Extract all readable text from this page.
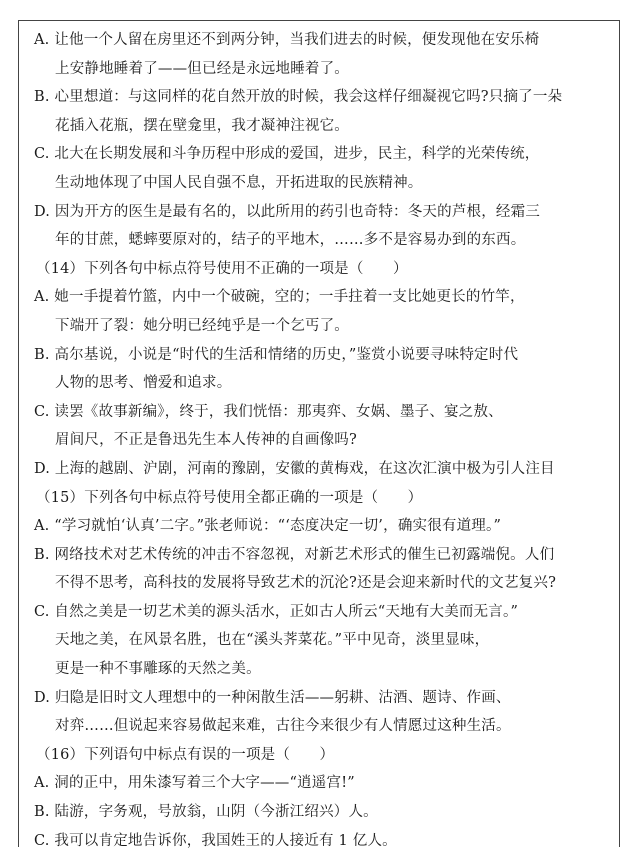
A. 让他一个人留在房里还不到两分钟，当我们进去的时候，便发现他在安乐椅
上安静地睡着了——但已经是永远地睡着了。
B. 心里想道：与这同样的花自然开放的时候，我会这样仔细凝视它吗?只摘了一朵
花插入花瓶，摆在壁龛里，我才凝神注视它。
C. 北大在长期发展和斗争历程中形成的爱国，进步，民主，科学的光荣传统，
生动地体现了中国人民自强不息，开拓进取的民族精神。
D. 因为开方的医生是最有名的，以此所用的药引也奇特：冬天的芦根，经霜三
年的甘蔗，蟋蟀要原对的，结子的平地木，……多不是容易办到的东西。
（14）下列各句中标点符号使用不正确的一项是（　　）
A. 她一手提着竹篮，内中一个破碗，空的；一手拄着一支比她更长的竹竿，
下端开了裂：她分明已经纯乎是一个乞丐了。
B. 高尔基说，小说是“时代的生活和情绪的历史，”鉴赏小说要寻味特定时代
人物的思考、憎爱和追求。
C. 读罢《故事新编》，终于，我们恍悟：那夷弈、女娲、墨子、宴之敖、
眉间尺，不正是鲁迅先生本人传神的自画像吗?
D. 上海的越剧、沪剧，河南的豫剧，安徽的黄梅戏，在这次汇演中极为引人注目
（15）下列各句中标点符号使用全都正确的一项是（　　）
A. “学习就怕‘认真’二字。”张老师说：“‘态度决定一切’，确实很有道理。”
B. 网络技术对艺术传统的冲击不容忽视，对新艺术形式的催生已初露端倪。人们
不得不思考，高科技的发展将导致艺术的沉沦?还是会迎来新时代的文艺复兴?
C. 自然之美是一切艺术美的源头活水，正如古人所云“天地有大美而无言。”
天地之美，在风景名胜，也在“溪头荠菜花。”平中见奇，淡里显味，
更是一种不事雕琢的天然之美。
D. 归隐是旧时文人理想中的一种闲散生活——躬耕、沽酒、题诗、作画、
对弈……但说起来容易做起来难，古往今来很少有人情愿过这种生活。
（16）下列语句中标点有误的一项是（　　）
A. 洞的正中，用朱漆写着三个大字——“逍遥宫!”
B. 陆游，字务观，号放翁，山阴（今浙江绍兴）人。
C. 我可以肯定地告诉你，我国姓王的人接近有 1 亿人。
